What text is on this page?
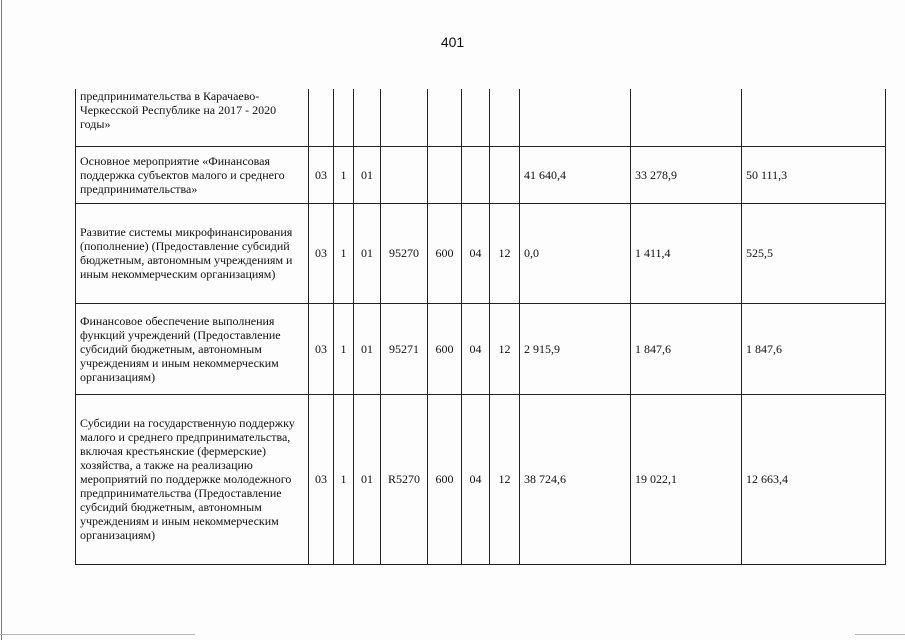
401
предпринимательства в Карачаево-Черкесской Республике на 2017 - 2020 годы»										
Основное мероприятие «Финансовая поддержка субъектов малого и среднего предпринимательства»	03	1	01					41 640,4	33 278,9	50 111,3
Развитие системы микрофинансирования (пополнение) (Предоставление субсидий бюджетным, автономным учреждениям и иным некоммерческим организациям)	03	1	01	95270	600	04	12	0,0	1 411,4	525,5
Финансовое обеспечение выполнения функций учреждений (Предоставление субсидий бюджетным, автономным учреждениям и иным некоммерческим организациям)	03	1	01	95271	600	04	12	2 915,9	1 847,6	1 847,6
Субсидии на государственную поддержку малого и среднего предпринимательства, включая крестьянские (фермерские) хозяйства, а также на реализацию мероприятий по поддержке молодежного предпринимательства (Предоставление субсидий бюджетным, автономным учреждениям и иным некоммерческим организациям)	03	1	01	R5270	600	04	12	38 724,6	19 022,1	12 663,4
